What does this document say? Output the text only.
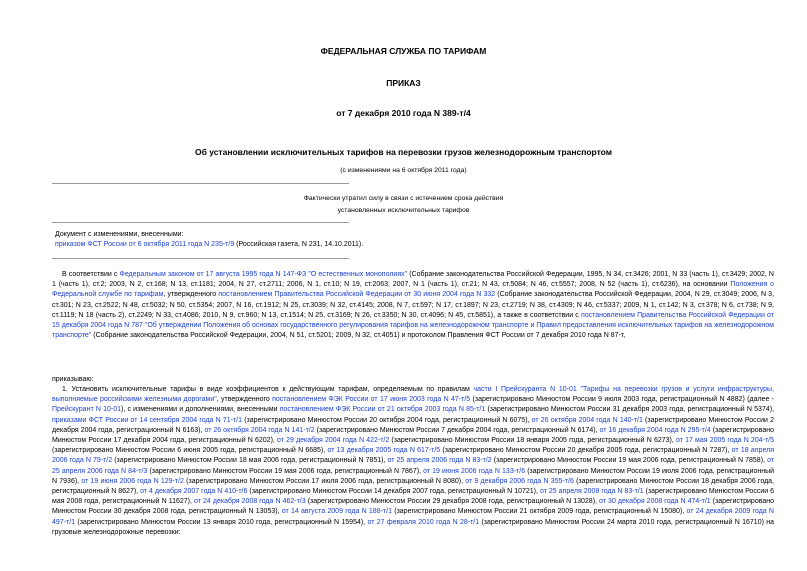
ФЕДЕРАЛЬНАЯ СЛУЖБА ПО ТАРИФАМ
ПРИКАЗ
от 7 декабря 2010 года N 389-т/4
Об установлении исключительных тарифов на перевозки грузов железнодорожным транспортом
(с изменениями на 6 октября 2011 года)
Фактически утратил силу в связи с истечением срока действия
установленных исключительных тарифов
Документ с изменениями, внесенными:
приказом ФСТ России от 6 октября 2011 года N 235-т/9 (Российская газета, N 231, 14.10.2011).
В соответствии с Федеральным законом от 17 августа 1995 года N 147-ФЗ "О естественных монополиях" (Собрание законодательства Российской Федерации, 1995, N 34, ст.3426; 2001, N 33 (часть 1), ст.3429; 2002, N 1 (часть 1), ст.2; 2003, N 2, ст.168; N 13, ст.1181; 2004, N 27, ст.2711; 2006, N 1, ст.10; N 19, ст.2063; 2007, N 1 (часть 1), ст.21; N 43, ст.5084; N 46, ст.5557; 2008, N 52 (часть 1), ст.6236), на основании Положения о Федеральной службе по тарифам, утвержденного постановлением Правительства Российской Федерации от 30 июня 2004 года N 332 (Собрание законодательства Российской Федерации, 2004, N 29, ст.3049; 2006, N 3, ст.301; N 23, ст.2522; N 48, ст.5032; N 50, ст.5354; 2007, N 16, ст.1912; N 25, ст.3039; N 32, ст.4145; 2008, N 7, ст.597; N 17, ст.1897; N 23, ст.2719; N 38, ст.4309; N 46, ст.5337; 2009, N 1, ст.142; N 3, ст.378; N 6, ст.738; N 9, ст.1119; N 18 (часть 2), ст.2249; N 33, ст.4086; 2010, N 9, ст.960; N 13, ст.1514; N 25, ст.3169; N 26, ст.3350; N 30, ст.4096; N 45, ст.5851), а также в соответствии с постановлением Правительства Российской Федерации от 15 декабря 2004 года N 787 "Об утверждении Положения об основах государственного регулирования тарифов на железнодорожном транспорте и Правил предоставления исключительных тарифов на железнодорожном транспорте" (Собрание законодательства Российской Федерации, 2004, N 51, ст.5201; 2009, N 32, ст.4051) и протоколом Правления ФСТ России от 7 декабря 2010 года N 87-т,
приказываю:
1. Установить исключительные тарифы в виде коэффициентов к действующим тарифам, определяемым по правилам части I Прейскуранта N 10-01 "Тарифы на перевозки грузов и услуги инфраструктуры, выполняемые российскими железными дорогами", утвержденного постановлением ФЭК России от 17 июня 2003 года N 47-т/5 (зарегистрировано Минюстом России 9 июля 2003 года, регистрационный N 4882) (далее - Прейскурант N 10-01), с изменениями и дополнениями, внесенными постановлением ФЭК России от 21 октября 2003 года N 85-т/1 (зарегистрировано Минюстом России 31 декабря 2003 года, регистрационный N 5374), приказами ФСТ России от 14 сентября 2004 года N 71-т/1 (зарегистрировано Минюстом России 20 октября 2004 года, регистрационный N 6075), от 26 октября 2004 года N 140-т/1 (зарегистрировано Минюстом России 2 декабря 2004 года, регистрационный N 6163), от 26 октября 2004 года N 141-т/2 (зарегистрировано Минюстом России 7 декабря 2004 года, регистрационный N 6174), от 16 декабря 2004 года N 295-т/4 (зарегистрировано Минюстом России 17 декабря 2004 года, регистрационный N 6202), от 29 декабря 2004 года N 422-т/2 (зарегистрировано Минюстом России 18 января 2005 года, регистрационный N 6273), от 17 мая 2005 года N 204-т/5 (зарегистрировано Минюстом России 6 июня 2005 года, регистрационный N 6685), от 13 декабря 2005 года N 617-т/5 (зарегистрировано Минюстом России 20 декабря 2005 года, регистрационный N 7287), от 18 апреля 2006 года N 79-т/2 (зарегистрировано Минюстом России 18 мая 2006 года, регистрационный N 7851), от 25 апреля 2006 года N 83-т/2 (зарегистрировано Минюстом России 19 мая 2006 года, регистрационный N 7858), от 25 апреля 2006 года N 84-т/3 (зарегистрировано Минюстом России 19 мая 2006 года, регистрационный N 7867), от 19 июня 2006 года N 133-т/6 (зарегистрировано Минюстом России 19 июля 2006 года, регистрационный N 7936), от 19 июня 2006 года N 129-т/2 (зарегистрировано Минюстом России 17 июля 2006 года, регистрационный N 8080), от 9 декабря 2006 года N 355-т/6 (зарегистрировано Минюстом России 18 декабря 2006 года, регистрационный N 8627), от 4 декабря 2007 года N 410-т/6 (зарегистрировано Минюстом России 14 декабря 2007 года, регистрационный N 10721), от 25 апреля 2008 года N 83-т/1 (зарегистрировано Минюстом России 6 мая 2008 года, регистрационный N 11627), от 24 декабря 2008 года N 462-т/3 (зарегистрировано Минюстом России 29 декабря 2008 года, регистрационный N 13028), от 30 декабря 2008 года N 474-т/1 (зарегистрировано Минюстом России 30 декабря 2008 года, регистрационный N 13053), от 14 августа 2009 года N 188-т/1 (зарегистрировано Минюстом России 21 октября 2009 года, регистрационный N 15080), от 24 декабря 2009 года N 497-т/1 (зарегистрировано Минюстом России 13 января 2010 года, регистрационный N 15954), от 27 февраля 2010 года N 28-т/1 (зарегистрировано Минюстом России 24 марта 2010 года, регистрационный N 16710) на грузовые железнодорожные перевозки:
